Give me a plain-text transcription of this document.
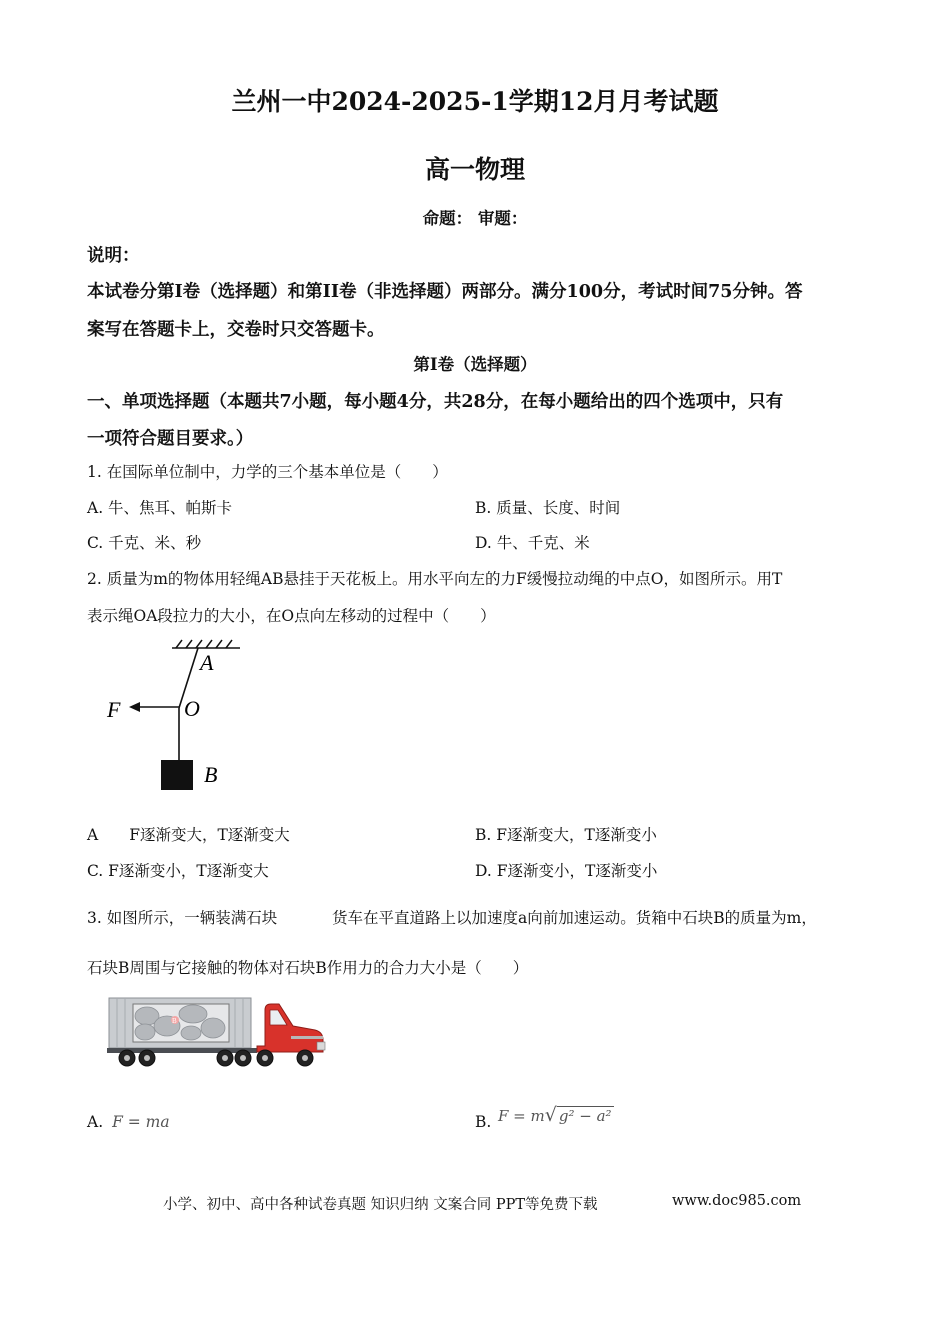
兰州一中2024-2025-1学期12月月考试题
高一物理
命题： 审题：
说明：
本试卷分第I卷（选择题）和第II卷（非选择题）两部分。满分100分，考试时间75分钟。答
案写在答题卡上，交卷时只交答题卡。
第I卷（选择题）
一、单项选择题（本题共7小题，每小题4分，共28分，在每小题给出的四个选项中，只有
一项符合题目要求。）
1. 在国际单位制中，力学的三个基本单位是（　　）
A. 牛、焦耳、帕斯卡	B. 质量、长度、时间
C. 千克、米、秒	D. 牛、千克、米
2. 质量为m的物体用轻绳AB悬挂于天花板上。用水平向左的力F缓慢拉动绳的中点O，如图所示。用T
表示绳OA段拉力的大小，在O点向左移动的过程中（　　）
A
O
F
B
A　　F逐渐变大，T逐渐变大	B. F逐渐变大，T逐渐变小
C. F逐渐变小，T逐渐变大	D. F逐渐变小，T逐渐变小
3. 如图所示，一辆装满石块	货车在平直道路上以加速度a向前加速运动。货箱中石块B的质量为m，
石块B周围与它接触的物体对石块B作用力的合力大小是（　　）
B
A. F = ma	B. F = m√ g² − a²
小学、初中、高中各种试卷真题 知识归纳 文案合同 PPT等免费下载	www.doc985.com
